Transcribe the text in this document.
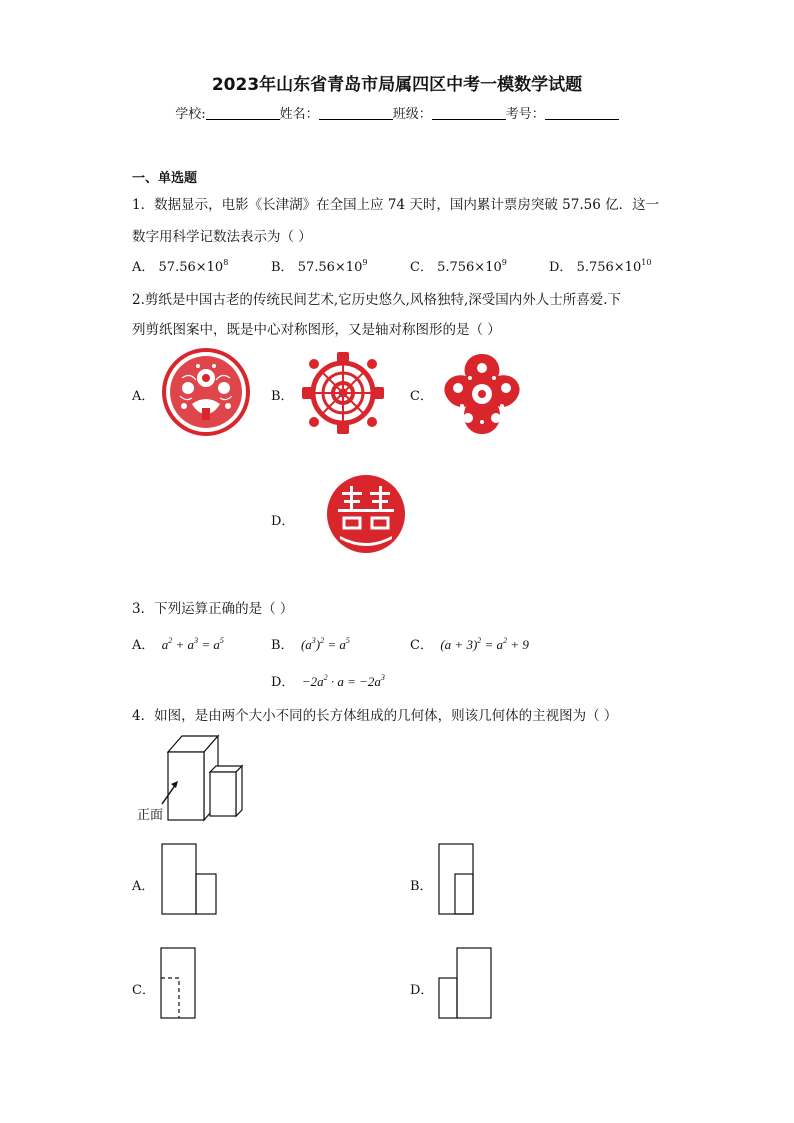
2023年山东省青岛市局属四区中考一模数学试题
学校:	姓名：	班级：	考号：
一、单选题
1．数据显示，电影《长津湖》在全国上应 74 天时，国内累计票房突破 57.56 亿．这一
数字用科学记数法表示为（ ）
A． $57.56\times 10^8$	B． $57.56\times 10^9$	C． $5.756\times 10^9$	D． $5.756\times 10^{10}$
2.剪纸是中国古老的传统民间艺术,它历史悠久,风格独特,深受国内外人士所喜爱.下
列剪纸图案中，既是中心对称图形，又是轴对称图形的是（ ）
A．	B．	C．
D．
3．下列运算正确的是（ ）
A．  $a^2 + a^3 = a^5$	B．  $(a^3)^2 = a^5$	C．  $(a + 3)^2 = a^2 + 9$
D．  $-2a^2 \cdot a = -2a^3$
4．如图，是由两个大小不同的长方体组成的几何体，则该几何体的主视图为（ ）
正面
A．	B．
C．	D．
